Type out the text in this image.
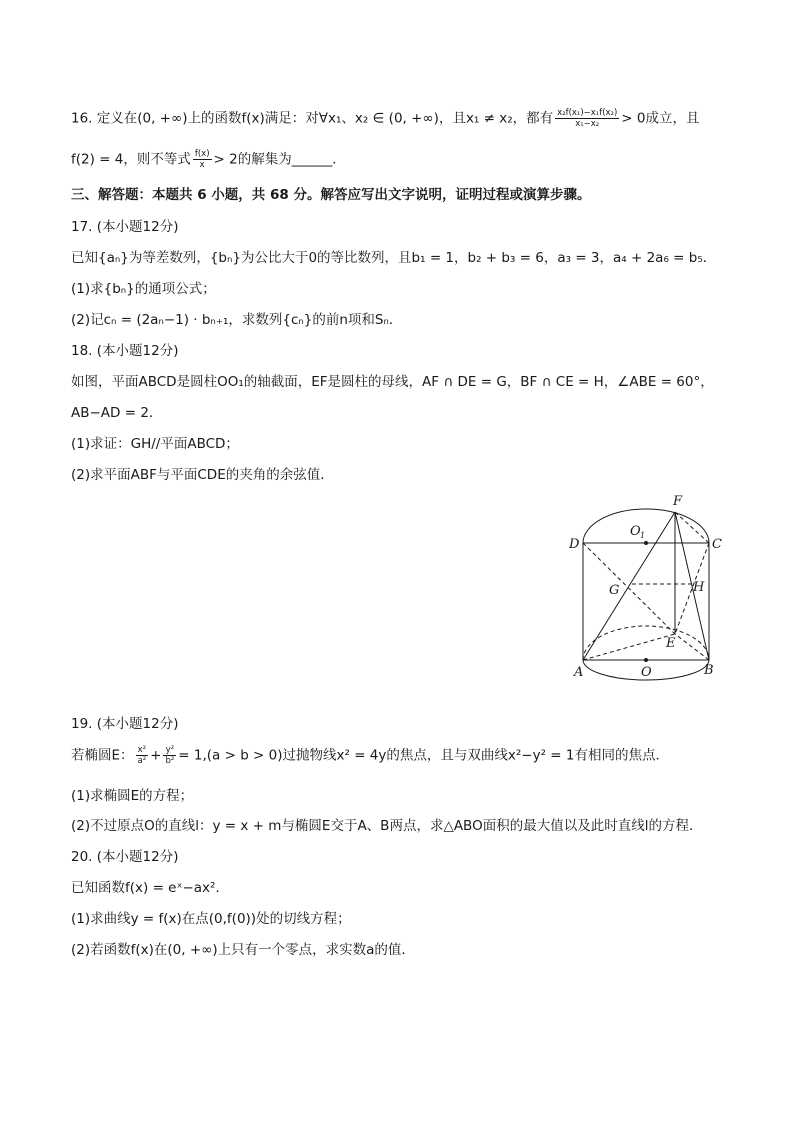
16. 定义在(0, +∞)上的函数f(x)满足：对∀x₁、x₂ ∈ (0, +∞)，且x₁ ≠ x₂，都有 $\frac{\text{x₂f(x₁)−x₁f(x₂)}}{\text{x₁−x₂}} > 0$成立，且
f(2) = 4，则不等式 $\frac{f(x)}{x} > 2$的解集为______．
三、解答题：本题共 6 小题，共 68 分。解答应写出文字说明，证明过程或演算步骤。
17. (本小题12分)
已知{aₙ}为等差数列，{bₙ}为公比大于0的等比数列，且b₁ = 1，b₂ + b₃ = 6，a₃ = 3，a₄ + 2a₆ = b₅．
(1)求{bₙ}的通项公式；
(2)记cₙ = (2aₙ−1) · bₙ₊₁，求数列{cₙ}的前n项和Sₙ．
18. (本小题12分)
如图，平面ABCD是圆柱OO₁的轴截面，EF是圆柱的母线，AF ∩ DE = G，BF ∩ CE = H，∠ABE = 60°，
AB−AD = 2．
(1)求证：GH//平面ABCD；
(2)求平面ABF与平面CDE的夹角的余弦值．
F
O 1
D	C
G	H
E
A	O	B
19. (本小题12分)
若椭圆E： $\frac{\text{x²}}{\text{a²}} + \frac{\text{y²}}{\text{b²}} = 1,(a > b > 0)$过抛物线x² = 4y的焦点，且与双曲线x²−y² = 1有相同的焦点．
(1)求椭圆E的方程；
(2)不过原点O的直线l：y = x + m与椭圆E交于A、B两点，求△ABO面积的最大值以及此时直线l的方程．
20. (本小题12分)
已知函数f(x) = eˣ−ax²．
(1)求曲线y = f(x)在点(0,f(0))处的切线方程；
(2)若函数f(x)在(0, +∞)上只有一个零点，求实数a的值．
